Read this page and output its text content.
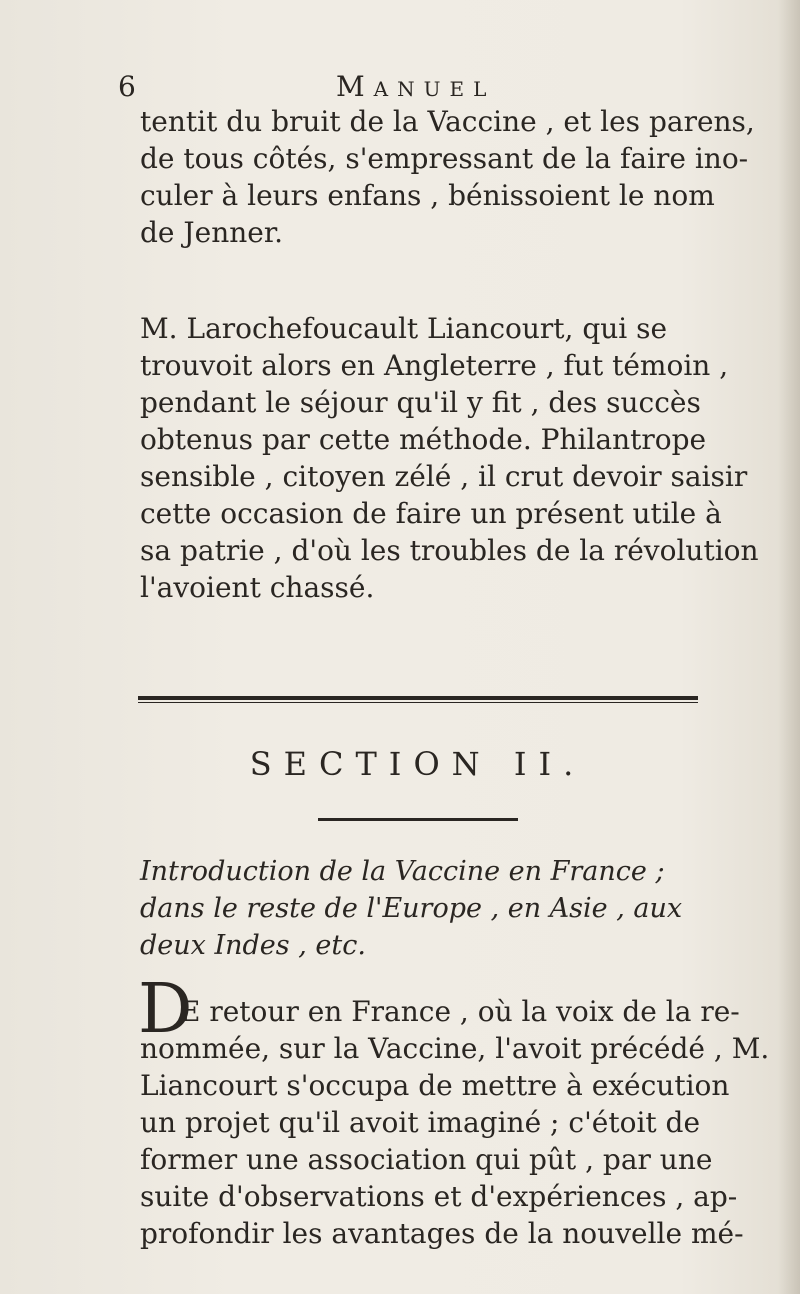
6	Manuel
tentit du bruit de la Vaccine , et les parens,
de tous côtés, s'empressant de la faire ino-
culer à leurs enfans , bénissoient le nom
de Jenner.
M. Larochefoucault Liancourt, qui se
trouvoit alors en Angleterre , fut témoin ,
pendant le séjour qu'il y fit , des succès
obtenus par cette méthode. Philantrope
sensible , citoyen zélé , il crut devoir saisir
cette occasion de faire un présent utile à
sa patrie , d'où les troubles de la révolution
l'avoient chassé.
SECTION II.
Introduction de la Vaccine en France ;
dans le reste de l'Europe , en Asie , aux
deux Indes , etc.
D
E retour en France , où la voix de la re-
nommée, sur la Vaccine, l'avoit précédé , M.
Liancourt s'occupa de mettre à exécution
un projet qu'il avoit imaginé ; c'étoit de
former une association qui pût , par une
suite d'observations et d'expériences , ap-
profondir les avantages de la nouvelle mé-
